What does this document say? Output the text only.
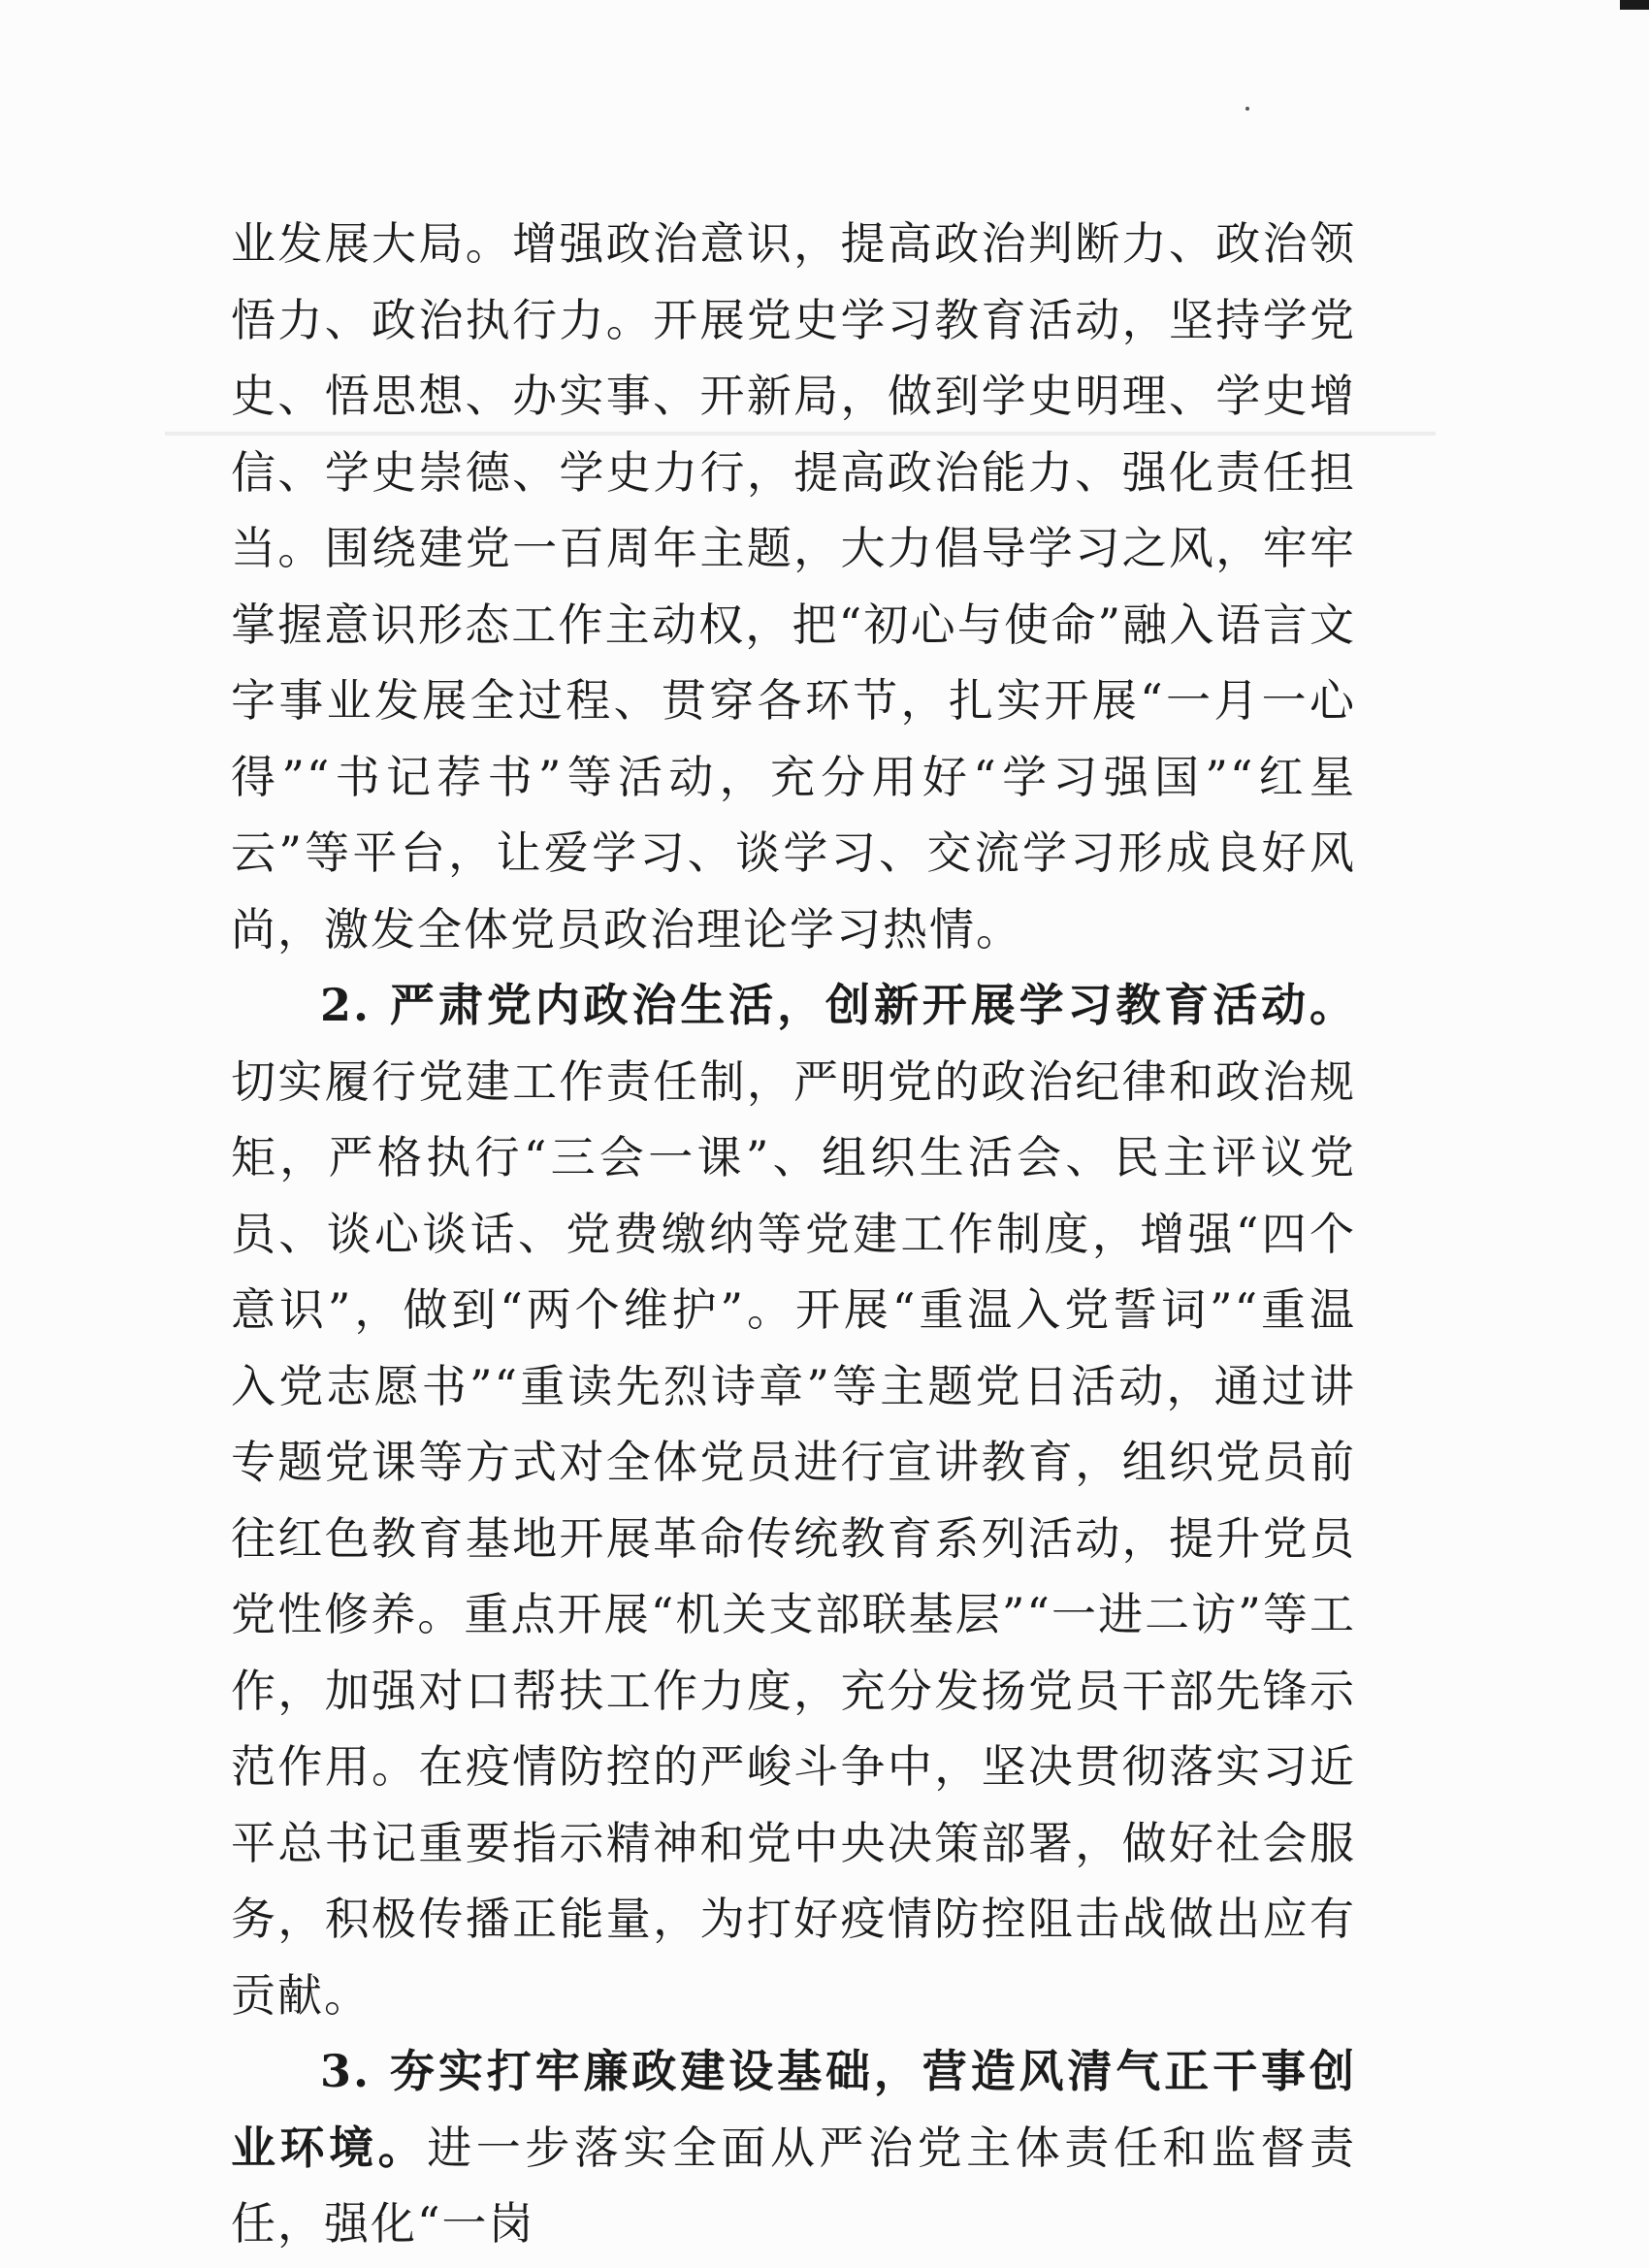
业发展大局。增强政治意识，提高政治判断力、政治领悟力、政治执行力。开展党史学习教育活动，坚持学党史、悟思想、办实事、开新局，做到学史明理、学史增信、学史崇德、学史力行，提高政治能力、强化责任担当。围绕建党一百周年主题，大力倡导学习之风，牢牢掌握意识形态工作主动权，把“初心与使命”融入语言文字事业发展全过程、贯穿各环节，扎实开展“一月一心得”“书记荐书”等活动，充分用好“学习强国”“红星云”等平台，让爱学习、谈学习、交流学习形成良好风尚，激发全体党员政治理论学习热情。

2. 严肃党内政治生活，创新开展学习教育活动。切实履行党建工作责任制，严明党的政治纪律和政治规矩，严格执行“三会一课”、组织生活会、民主评议党员、谈心谈话、党费缴纳等党建工作制度，增强“四个意识”，做到“两个维护”。开展“重温入党誓词”“重温入党志愿书”“重读先烈诗章”等主题党日活动，通过讲专题党课等方式对全体党员进行宣讲教育，组织党员前往红色教育基地开展革命传统教育系列活动，提升党员党性修养。重点开展“机关支部联基层”“一进二访”等工作，加强对口帮扶工作力度，充分发扬党员干部先锋示范作用。在疫情防控的严峻斗争中，坚决贯彻落实习近平总书记重要指示精神和党中央决策部署，做好社会服务，积极传播正能量，为打好疫情防控阻击战做出应有贡献。

3. 夯实打牢廉政建设基础，营造风清气正干事创业环境。进一步落实全面从严治党主体责任和监督责任，强化“一岗
